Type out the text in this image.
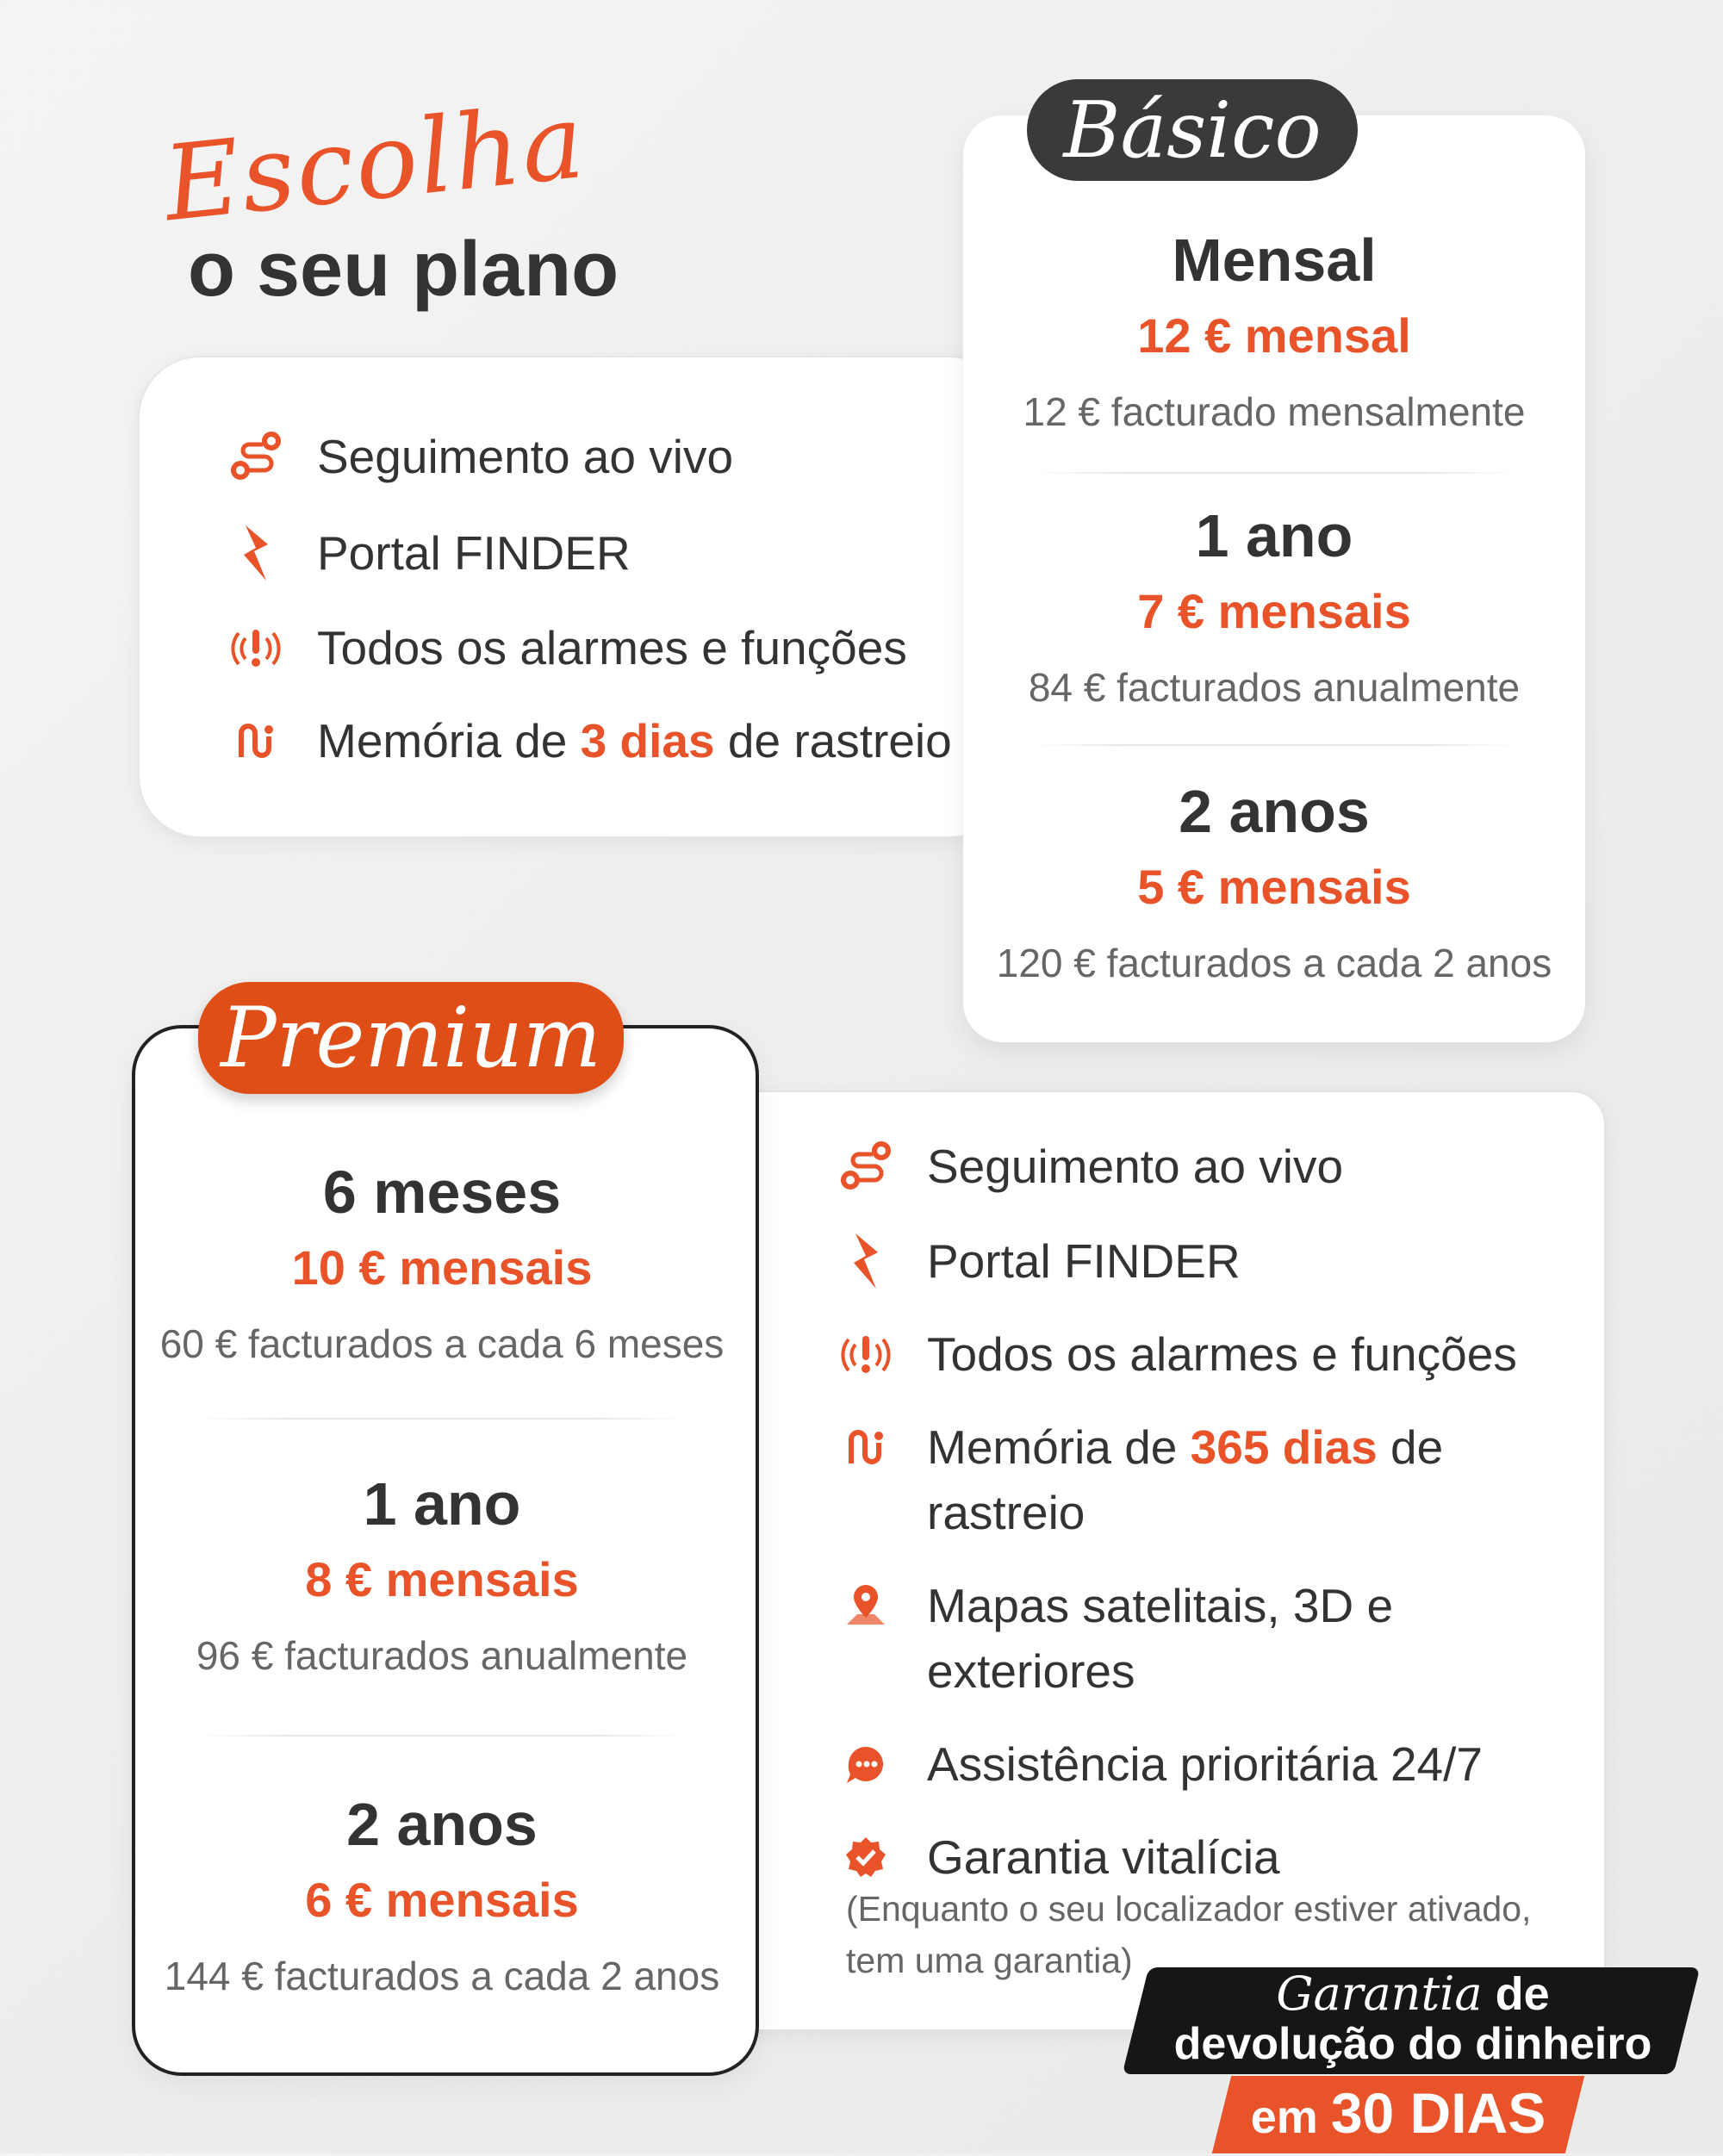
Escolha
o seu plano
Seguimento ao vivo
Portal FINDER
Todos os alarmes e funções
Memória de 3 dias de rastreio
Básico
Mensal
12 € mensal
12 € facturado mensalmente
1 ano
7 € mensais
84 € facturados anualmente
2 anos
5 € mensais
120 € facturados a cada 2 anos
Seguimento ao vivo
Portal FINDER
Todos os alarmes e funções
Memória de 365 dias de
rastreio
Mapas satelitais, 3D e
exteriores
Assistência prioritária 24/7
Garantia vitalícia
(Enquanto o seu localizador estiver ativado, tem uma garantia)
Premium
6 meses
10 € mensais
60 € facturados a cada 6 meses
1 ano
8 € mensais
96 € facturados anualmente
2 anos
6 € mensais
144 € facturados a cada 2 anos	Garantia de
devolução do dinheiro
em 30 DIAS
